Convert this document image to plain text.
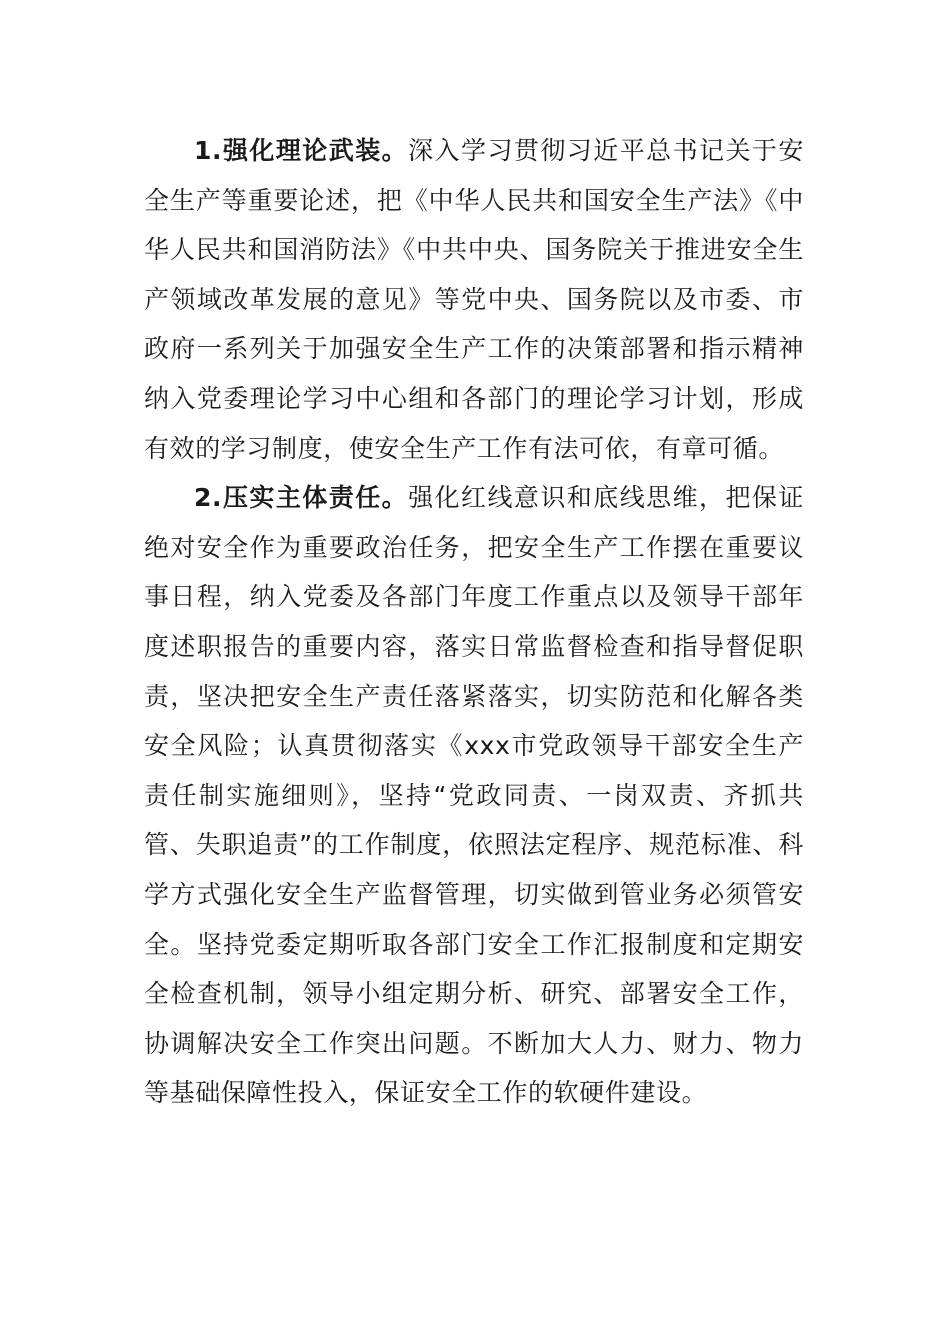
1.强化理论武装。深入学习贯彻习近平总书记关于安全生产等重要论述，把《中华人民共和国安全生产法》《中华人民共和国消防法》《中共中央、国务院关于推进安全生产领域改革发展的意见》等党中央、国务院以及市委、市政府一系列关于加强安全生产工作的决策部署和指示精神纳入党委理论学习中心组和各部门的理论学习计划，形成有效的学习制度，使安全生产工作有法可依，有章可循。

2.压实主体责任。强化红线意识和底线思维，把保证绝对安全作为重要政治任务，把安全生产工作摆在重要议事日程，纳入党委及各部门年度工作重点以及领导干部年度述职报告的重要内容，落实日常监督检查和指导督促职责，坚决把安全生产责任落紧落实，切实防范和化解各类安全风险；认真贯彻落实《xxx市党政领导干部安全生产责任制实施细则》，坚持“党政同责、一岗双责、齐抓共管、失职追责”的工作制度，依照法定程序、规范标准、科学方式强化安全生产监督管理，切实做到管业务必须管安全。坚持党委定期听取各部门安全工作汇报制度和定期安全检查机制，领导小组定期分析、研究、部署安全工作，协调解决安全工作突出问题。不断加大人力、财力、物力等基础保障性投入，保证安全工作的软硬件建设。
